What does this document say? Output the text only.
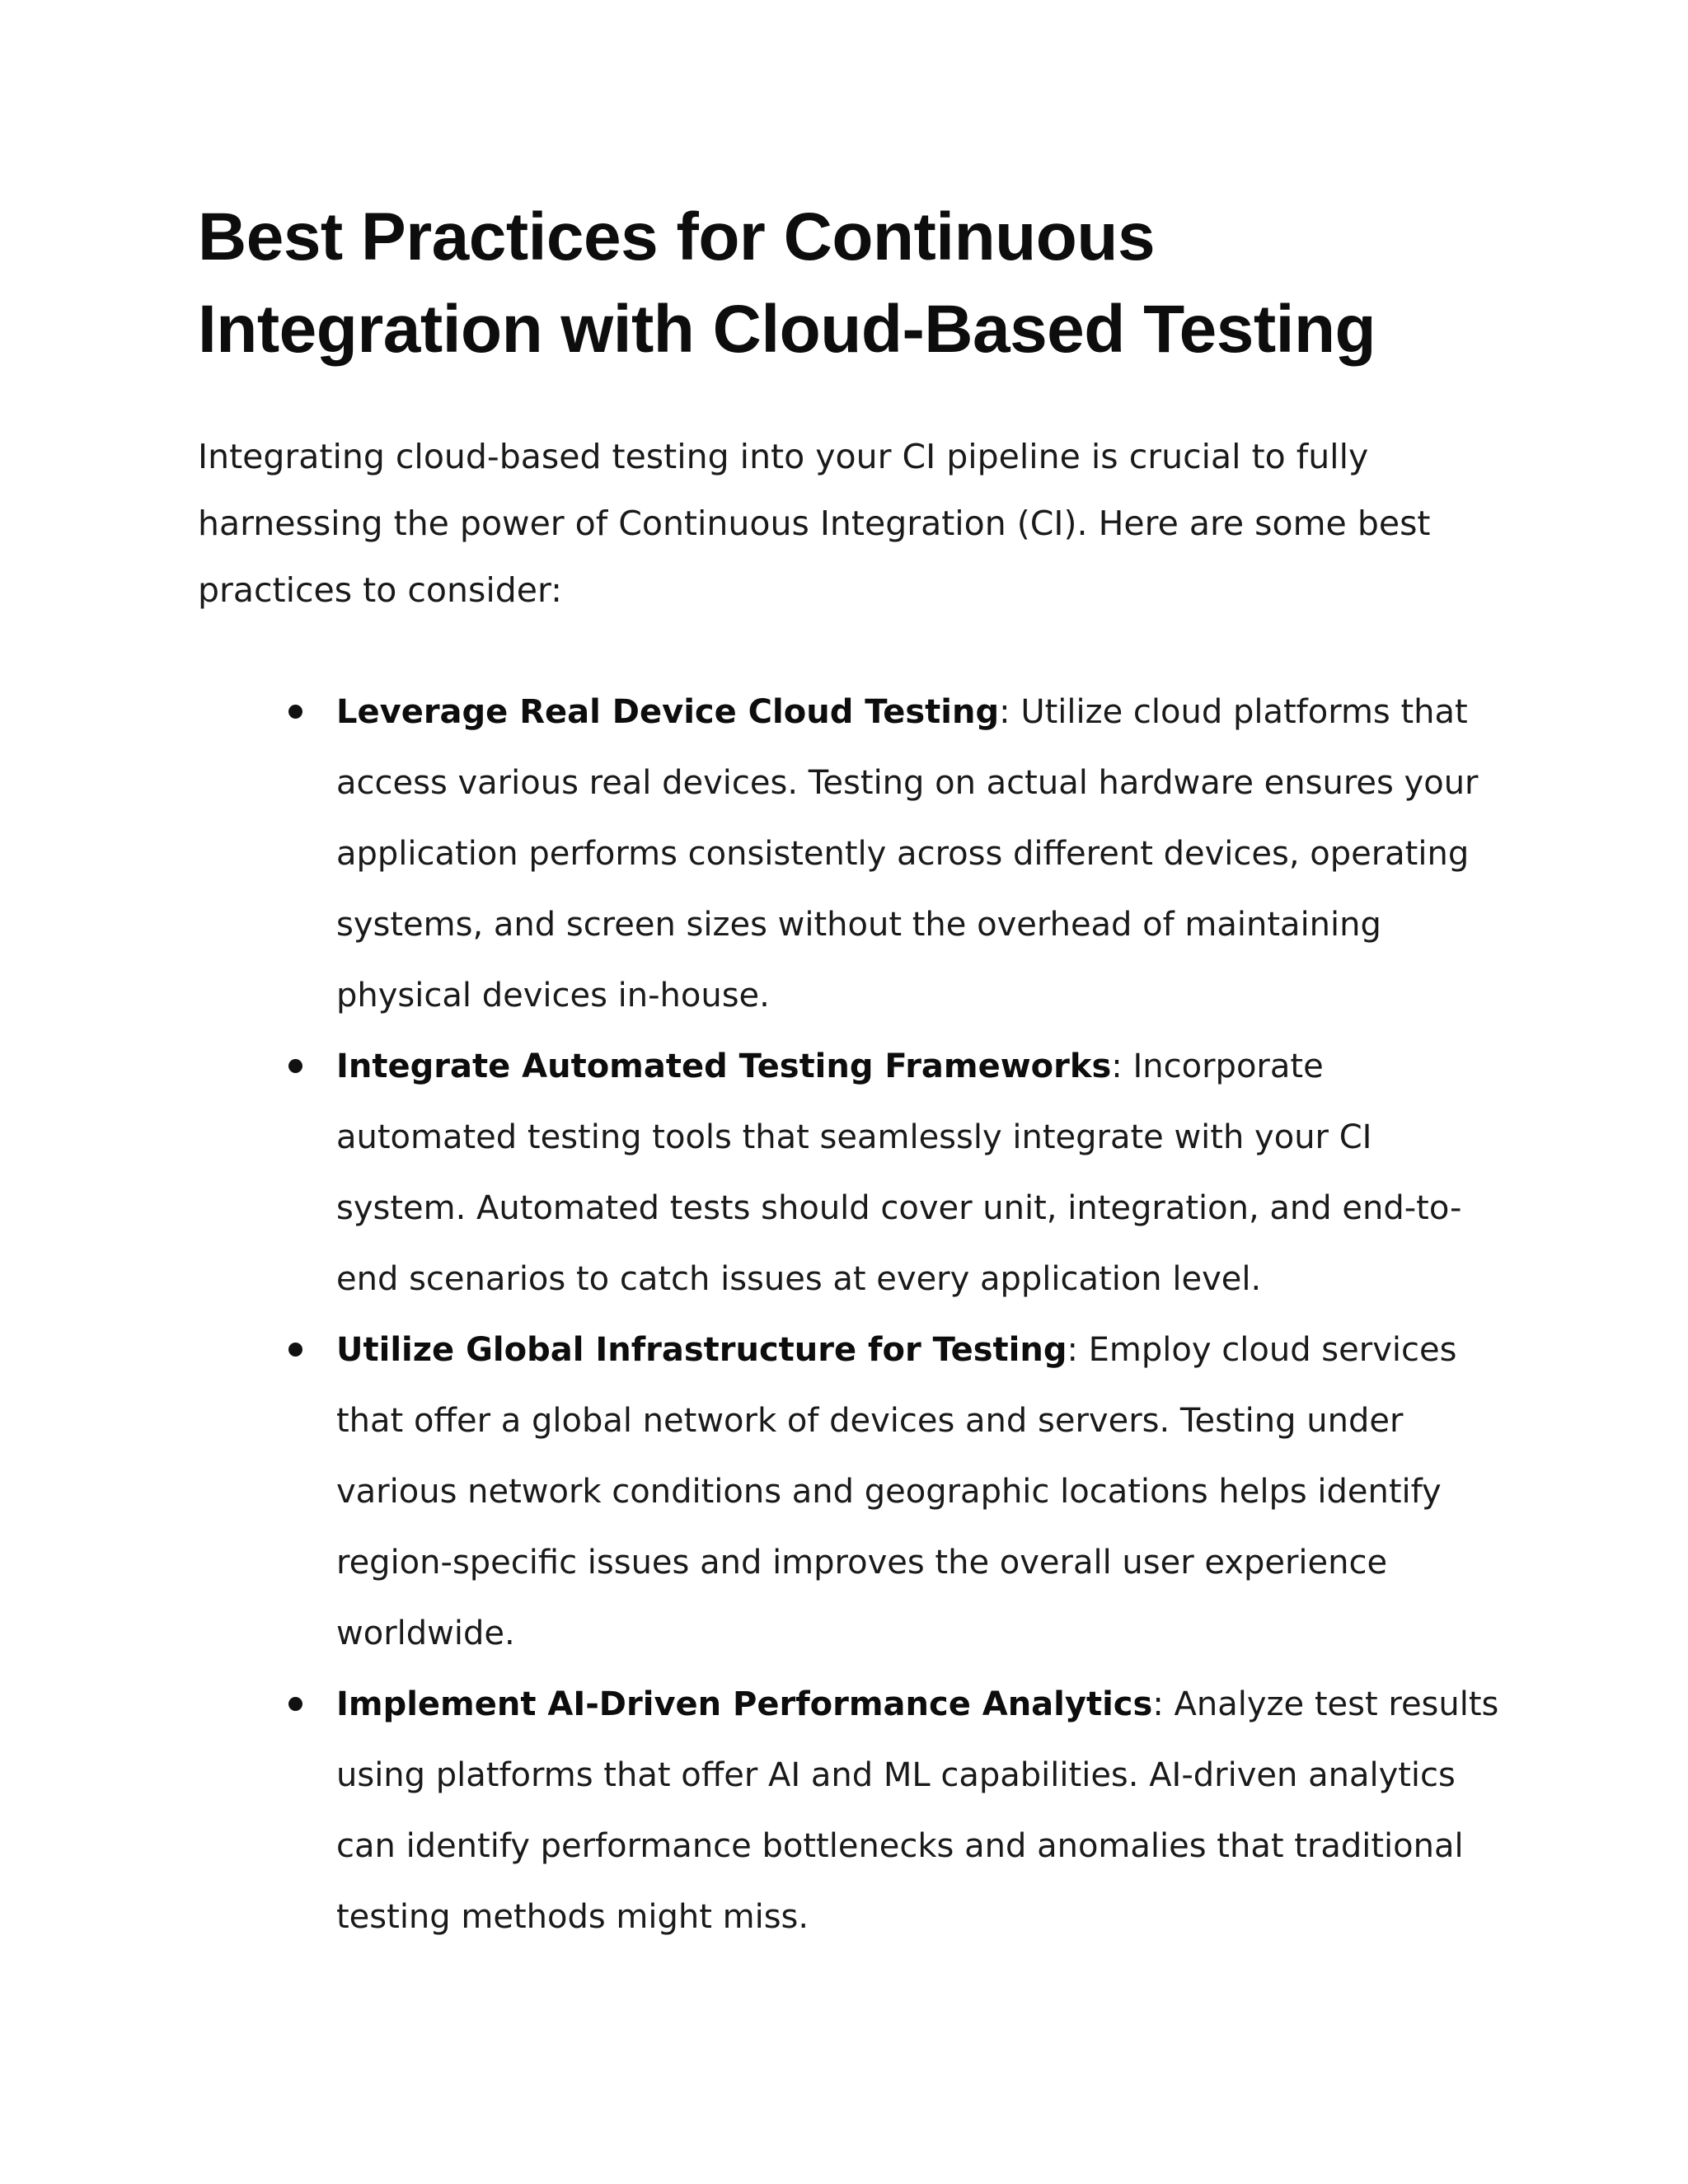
Best Practices for Continuous Integration with Cloud-Based Testing

Integrating cloud-based testing into your CI pipeline is crucial to fully harnessing the power of Continuous Integration (CI). Here are some best practices to consider:

Leverage Real Device Cloud Testing: Utilize cloud platforms that access various real devices. Testing on actual hardware ensures your application performs consistently across different devices, operating systems, and screen sizes without the overhead of maintaining physical devices in-house.
Integrate Automated Testing Frameworks: Incorporate automated testing tools that seamlessly integrate with your CI system. Automated tests should cover unit, integration, and end-to-end scenarios to catch issues at every application level.
Utilize Global Infrastructure for Testing: Employ cloud services that offer a global network of devices and servers. Testing under various network conditions and geographic locations helps identify region-specific issues and improves the overall user experience worldwide.
Implement AI-Driven Performance Analytics: Analyze test results using platforms that offer AI and ML capabilities. AI-driven analytics can identify performance bottlenecks and anomalies that traditional testing methods might miss.
